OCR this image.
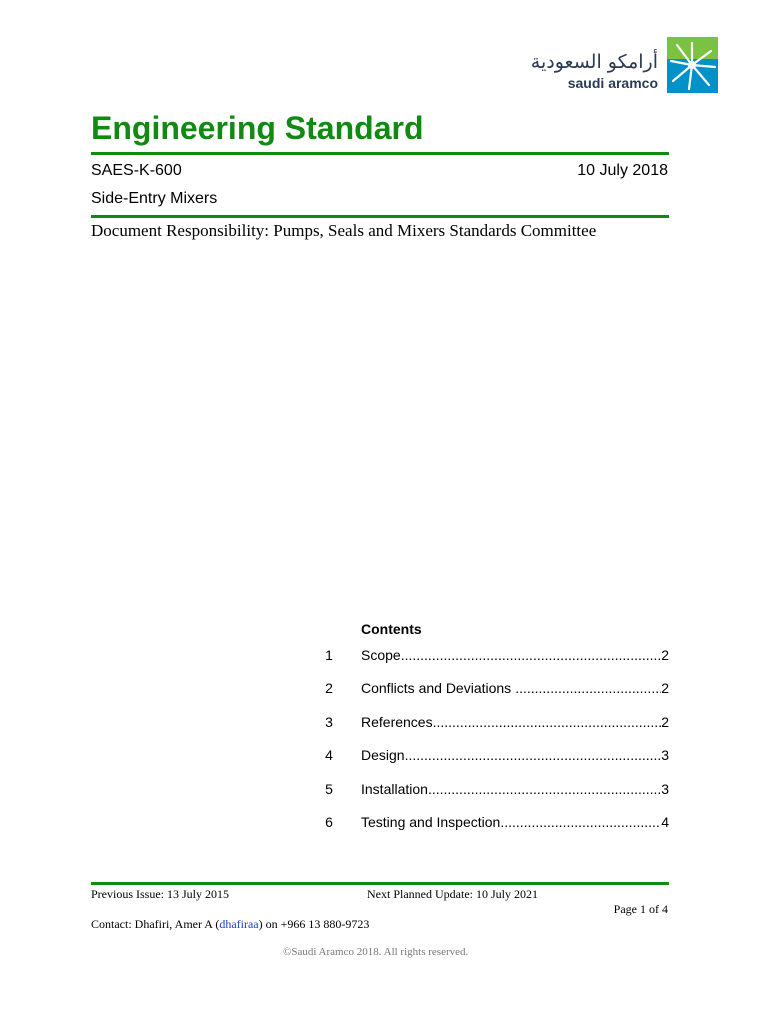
أرامكو السعودية
saudi aramco
Engineering Standard
SAES-K-600	10 July 2018
Side-Entry Mixers
Document Responsibility: Pumps, Seals and Mixers Standards Committee
Contents
1	Scope .....	2
2	Conflicts and Deviations .....	2
3	References .....	2
4	Design .....	3
5	Installation .....	3
6	Testing and Inspection .....	4
Previous Issue: 13 July 2015	Next Planned Update: 10 July 2021
Page 1 of 4
Contact: Dhafiri, Amer A (dhafiraa) on +966 13 880-9723
©Saudi Aramco 2018. All rights reserved.
